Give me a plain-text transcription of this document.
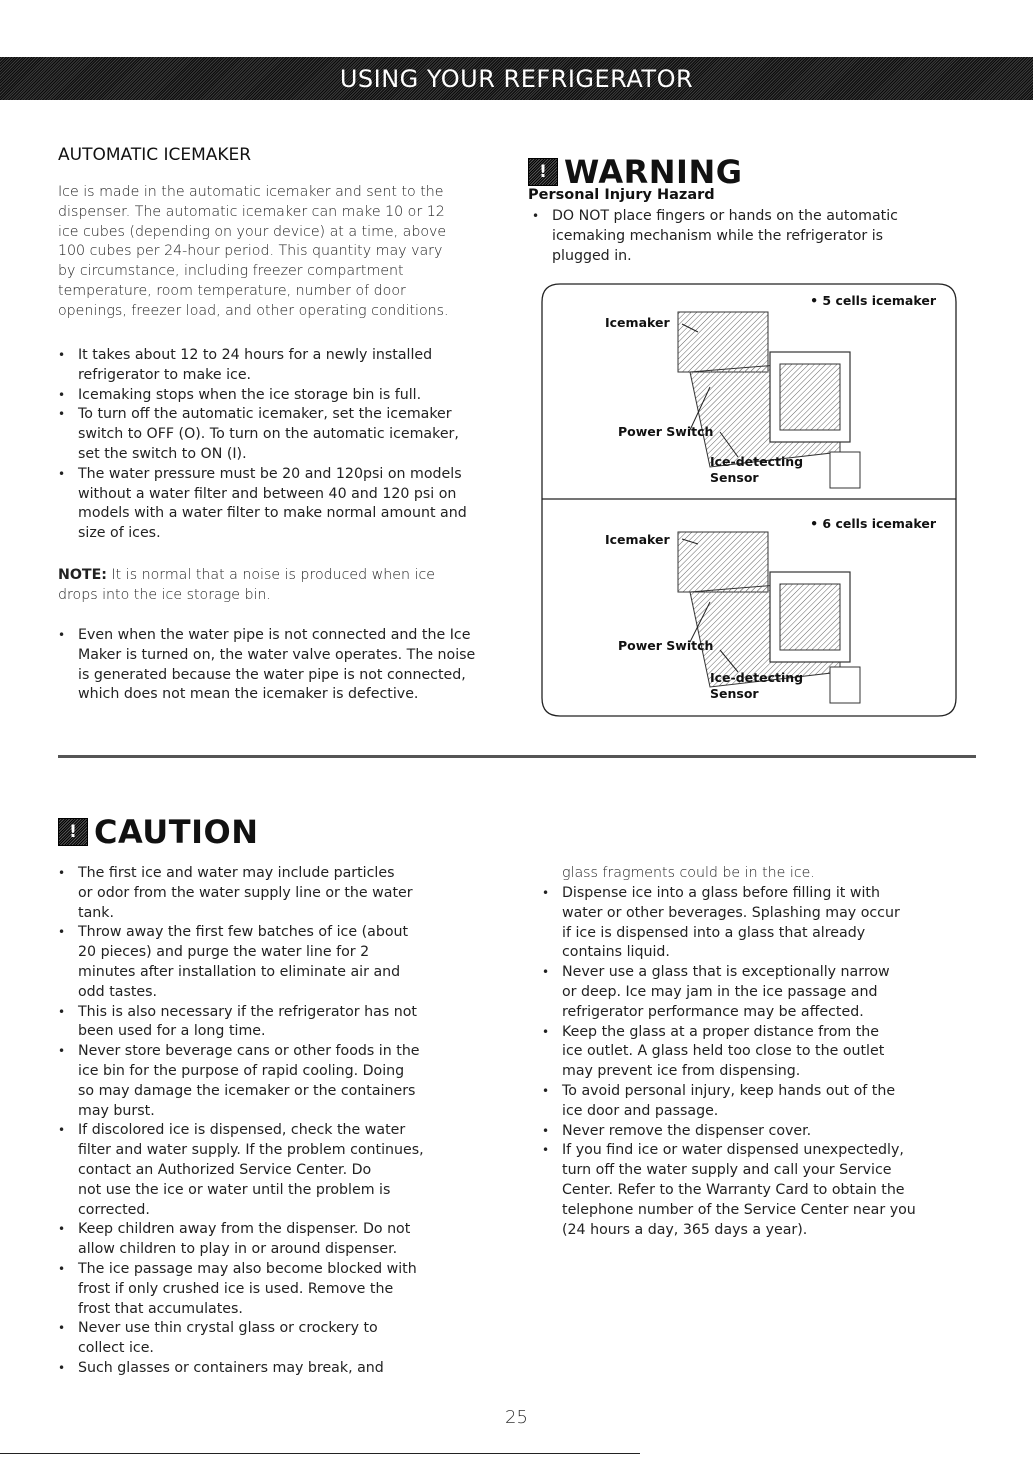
USING YOUR REFRIGERATOR
AUTOMATIC ICEMAKER

Ice is made in the automatic icemaker and sent to the
dispenser. The automatic icemaker can make 10 or 12
ice cubes (depending on your device) at a time, above
100 cubes per 24-hour period. This quantity may vary
by circumstance, including freezer compartment
temperature, room temperature, number of door
openings, freezer load, and other operating conditions.

• It takes about 12 to 24 hours for a newly installed
refrigerator to make ice.
• Icemaking stops when the ice storage bin is full.
• To turn off the automatic icemaker, set the icemaker
switch to OFF (O). To turn on the automatic icemaker,
set the switch to ON (I).
• The water pressure must be 20 and 120psi on models
without a water filter and between 40 and 120 psi on
models with a water filter to make normal amount and
size of ices.

NOTE: It is normal that a noise is produced when ice
drops into the ice storage bin.

• Even when the water pipe is not connected and the Ice
Maker is turned on, the water valve operates. The noise
is generated because the water pipe is not connected,
which does not mean the icemaker is defective.
! WARNING
Personal Injury Hazard
• DO NOT place fingers or hands on the automatic
icemaking mechanism while the refrigerator is
plugged in.
• 5 cells icemaker
Icemaker
Power Switch
Ice-detecting
Sensor
• 6 cells icemaker
Icemaker
Power Switch
Ice-detecting
Sensor
! CAUTION
• The first ice and water may include particles
or odor from the water supply line or the water
tank.
• Throw away the first few batches of ice (about
20 pieces) and purge the water line for 2
minutes after installation to eliminate air and
odd tastes.
• This is also necessary if the refrigerator has not
been used for a long time.
• Never store beverage cans or other foods in the
ice bin for the purpose of rapid cooling. Doing
so may damage the icemaker or the containers
may burst.
• If discolored ice is dispensed, check the water
filter and water supply. If the problem continues,
contact an Authorized Service Center. Do
not use the ice or water until the problem is
corrected.
• Keep children away from the dispenser. Do not
allow children to play in or around dispenser.
• The ice passage may also become blocked with
frost if only crushed ice is used. Remove the
frost that accumulates.
• Never use thin crystal glass or crockery to
collect ice.
• Such glasses or containers may break, and

glass fragments could be in the ice.

• Dispense ice into a glass before filling it with
water or other beverages. Splashing may occur
if ice is dispensed into a glass that already
contains liquid.
• Never use a glass that is exceptionally narrow
or deep. Ice may jam in the ice passage and
refrigerator performance may be affected.
• Keep the glass at a proper distance from the
ice outlet. A glass held too close to the outlet
may prevent ice from dispensing.
• To avoid personal injury, keep hands out of the
ice door and passage.
• Never remove the dispenser cover.
• If you find ice or water dispensed unexpectedly,
turn off the water supply and call your Service
Center. Refer to the Warranty Card to obtain the
telephone number of the Service Center near you
(24 hours a day, 365 days a year).
25
